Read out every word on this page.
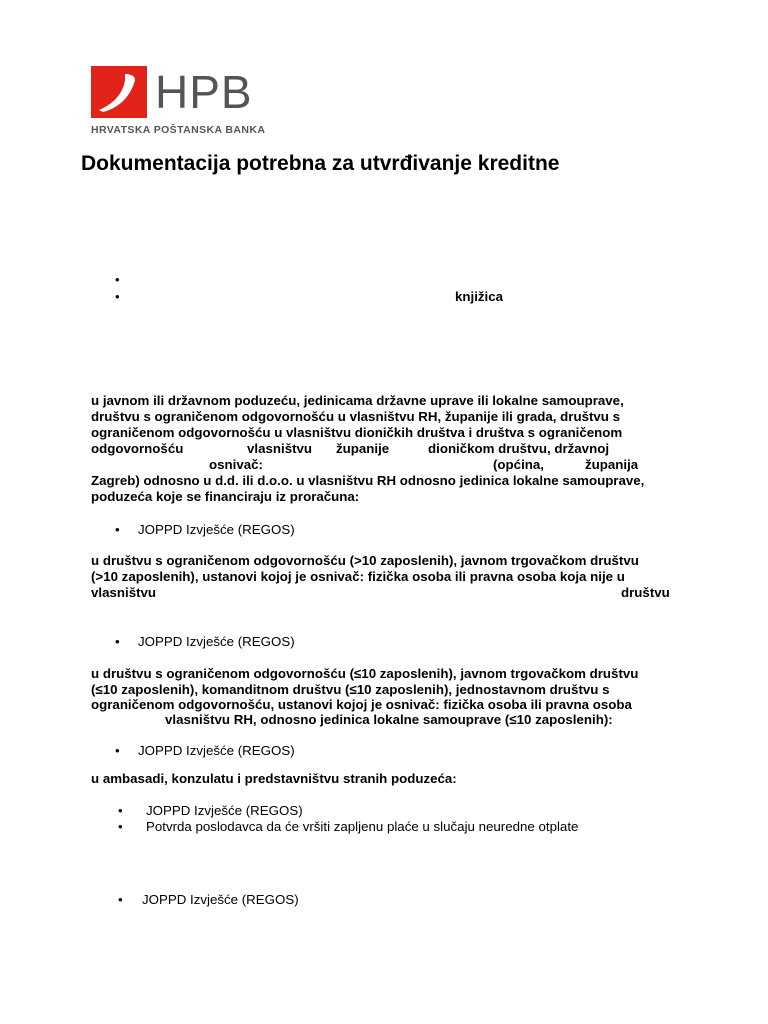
HPB
HRVATSKA POŠTANSKA BANKA
Dokumentacija potrebna za utvrđivanje kreditne
•
•	knjižica
u javnom ili državnom poduzeću, jedinicama državne uprave ili lokalne samouprave,
društvu s ograničenom odgovornošću u vlasništvu RH, županije ili grada, društvu s
ograničenom odgovornošću u vlasništvu dioničkih društva i društva s ograničenom
odgovornošću	vlasništvu županije	dioničkom društvu, državnoj
osnivač:	(općina,	županija
Zagreb) odnosno u d.d. ili d.o.o. u vlasništvu RH odnosno jedinica lokalne samouprave,
poduzeća koje se financiraju iz proračuna:
• JOPPD Izvješće (REGOS)
u društvu s ograničenom odgovornošću (>10 zaposlenih), javnom trgovačkom društvu
(>10 zaposlenih), ustanovi kojoj je osnivač: fizička osoba ili pravna osoba koja nije u
vlasništvu	društvu
• JOPPD Izvješće (REGOS)
u društvu s ograničenom odgovornošću (≤10 zaposlenih), javnom trgovačkom društvu
(≤10 zaposlenih), komanditnom društvu (≤10 zaposlenih), jednostavnom društvu s
ograničenom odgovornošću, ustanovi kojoj je osnivač: fizička osoba ili pravna osoba
vlasništvu RH, odnosno jedinica lokalne samouprave (≤10 zaposlenih):
• JOPPD Izvješće (REGOS)
u ambasadi, konzulatu i predstavništvu stranih poduzeća:
• JOPPD Izvješće (REGOS)
• Potvrda poslodavca da će vršiti zapljenu plaće u slučaju neuredne otplate
• JOPPD Izvješće (REGOS)
